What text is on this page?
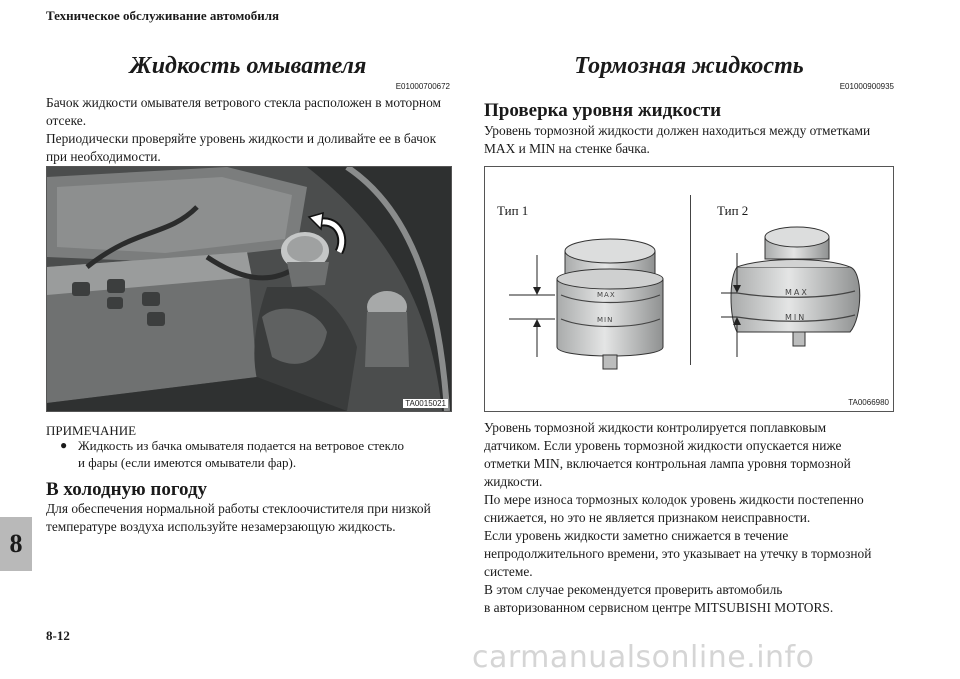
Техническое обслуживание автомобиля
Жидкость омывателя
E01000700672
Бачок жидкости омывателя ветрового стекла расположен в моторном
отсеке.
Периодически проверяйте уровень жидкости и доливайте ее в бачок
при необходимости.
TA0015021
ПРИМЕЧАНИЕ
● Жидкость из бачка омывателя подается на ветровое стекло
и фары (если имеются омыватели фар).
В холодную погоду
Для обеспечения нормальной работы стеклоочистителя при низкой
температуре воздуха используйте незамерзающую жидкость.
Тормозная жидкость
E01000900935
Проверка уровня жидкости
Уровень тормозной жидкости должен находиться между отметками
MAX и MIN на стенке бачка.
Тип 1	Тип 2
MAX
MIN
MAX
MIN
TA0066980
Уровень тормозной жидкости контролируется поплавковым
датчиком. Если уровень тормозной жидкости опускается ниже
отметки MIN, включается контрольная лампа уровня тормозной
жидкости.
По мере износа тормозных колодок уровень жидкости постепенно
снижается, но это не является признаком неисправности.
Если уровень жидкости заметно снижается в течение
непродолжительного времени, это указывает на утечку в тормозной
системе.
В этом случае рекомендуется проверить автомобиль
в авторизованном сервисном центре MITSUBISHI MOTORS.
8
8-12
carmanualsonline.info
